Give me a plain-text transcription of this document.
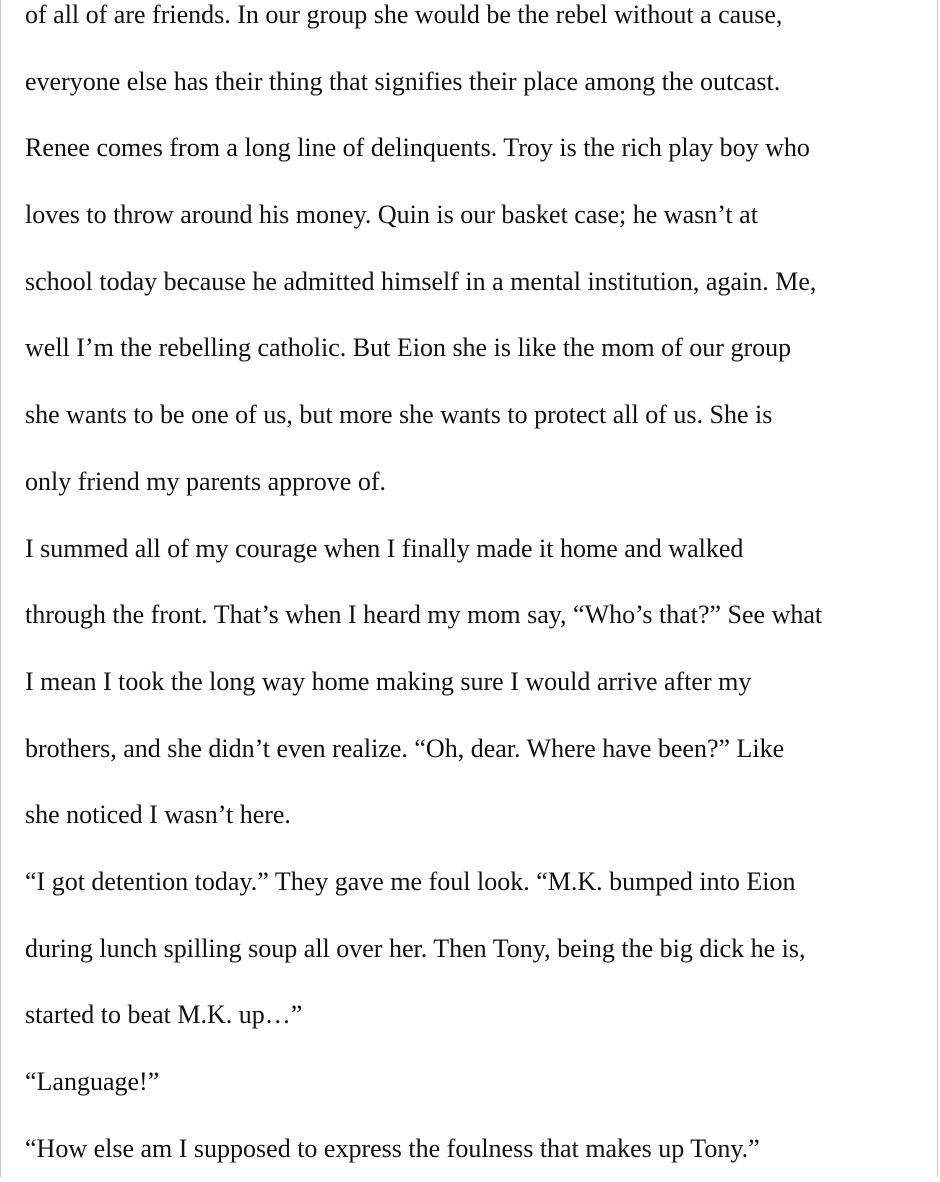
of all of are friends. In our group she would be the rebel without a cause,
everyone else has their thing that signifies their place among the outcast.
Renee comes from a long line of delinquents. Troy is the rich play boy who
loves to throw around his money. Quin is our basket case; he wasn’t at
school today because he admitted himself in a mental institution, again. Me,
well I’m the rebelling catholic. But Eion she is like the mom of our group
she wants to be one of us, but more she wants to protect all of us. She is
only friend my parents approve of.
I summed all of my courage when I finally made it home and walked
through the front. That’s when I heard my mom say, “Who’s that?” See what
I mean I took the long way home making sure I would arrive after my
brothers, and she didn’t even realize. “Oh, dear. Where have been?” Like
she noticed I wasn’t here.
“I got detention today.” They gave me foul look. “M.K. bumped into Eion
during lunch spilling soup all over her. Then Tony, being the big dick he is,
started to beat M.K. up…”
“Language!”
“How else am I supposed to express the foulness that makes up Tony.”
